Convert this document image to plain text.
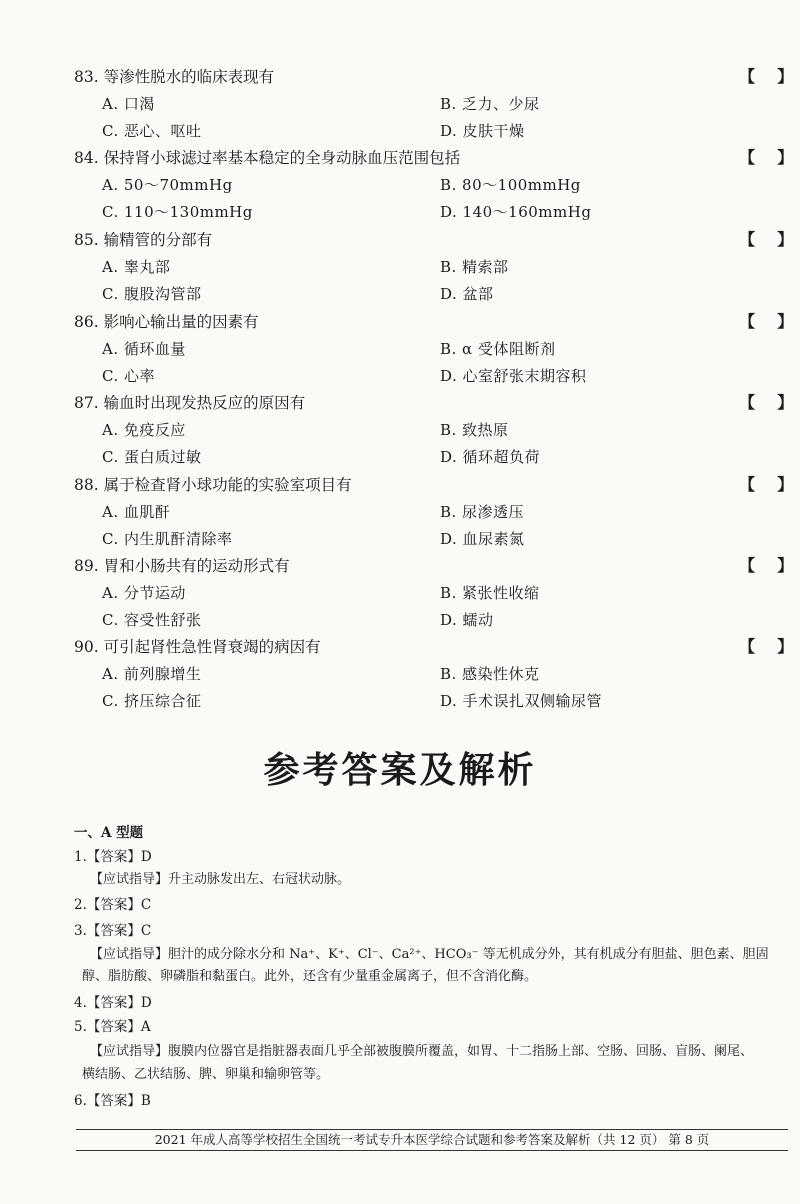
83. 等渗性脱水的临床表现有	【    】
A. 口渴	B. 乏力、少尿
C. 恶心、呕吐	D. 皮肤干燥
84. 保持肾小球滤过率基本稳定的全身动脉血压范围包括	【    】
A. 50～70mmHg	B. 80～100mmHg
C. 110～130mmHg	D. 140～160mmHg
85. 输精管的分部有	【    】
A. 睾丸部	B. 精索部
C. 腹股沟管部	D. 盆部
86. 影响心输出量的因素有	【    】
A. 循环血量	B. α 受体阻断剂
C. 心率	D. 心室舒张末期容积
87. 输血时出现发热反应的原因有	【    】
A. 免疫反应	B. 致热原
C. 蛋白质过敏	D. 循环超负荷
88. 属于检查肾小球功能的实验室项目有	【    】
A. 血肌酐	B. 尿渗透压
C. 内生肌酐清除率	D. 血尿素氮
89. 胃和小肠共有的运动形式有	【    】
A. 分节运动	B. 紧张性收缩
C. 容受性舒张	D. 蠕动
90. 可引起肾性急性肾衰竭的病因有	【    】
A. 前列腺增生	B. 感染性休克
C. 挤压综合征	D. 手术误扎双侧输尿管
参考答案及解析
一、A 型题
1.【答案】D
【应试指导】升主动脉发出左、右冠状动脉。
2.【答案】C
3.【答案】C
【应试指导】胆汁的成分除水分和 Na⁺、K⁺、Cl⁻、Ca²⁺、HCO₃⁻ 等无机成分外，其有机成分有胆盐、胆色素、胆固
醇、脂肪酸、卵磷脂和黏蛋白。此外，还含有少量重金属离子，但不含消化酶。
4.【答案】D
5.【答案】A
【应试指导】腹膜内位器官是指脏器表面几乎全部被腹膜所覆盖，如胃、十二指肠上部、空肠、回肠、盲肠、阑尾、
横结肠、乙状结肠、脾、卵巢和输卵管等。
6.【答案】B
2021 年成人高等学校招生全国统一考试专升本医学综合试题和参考答案及解析（共 12 页） 第 8 页
